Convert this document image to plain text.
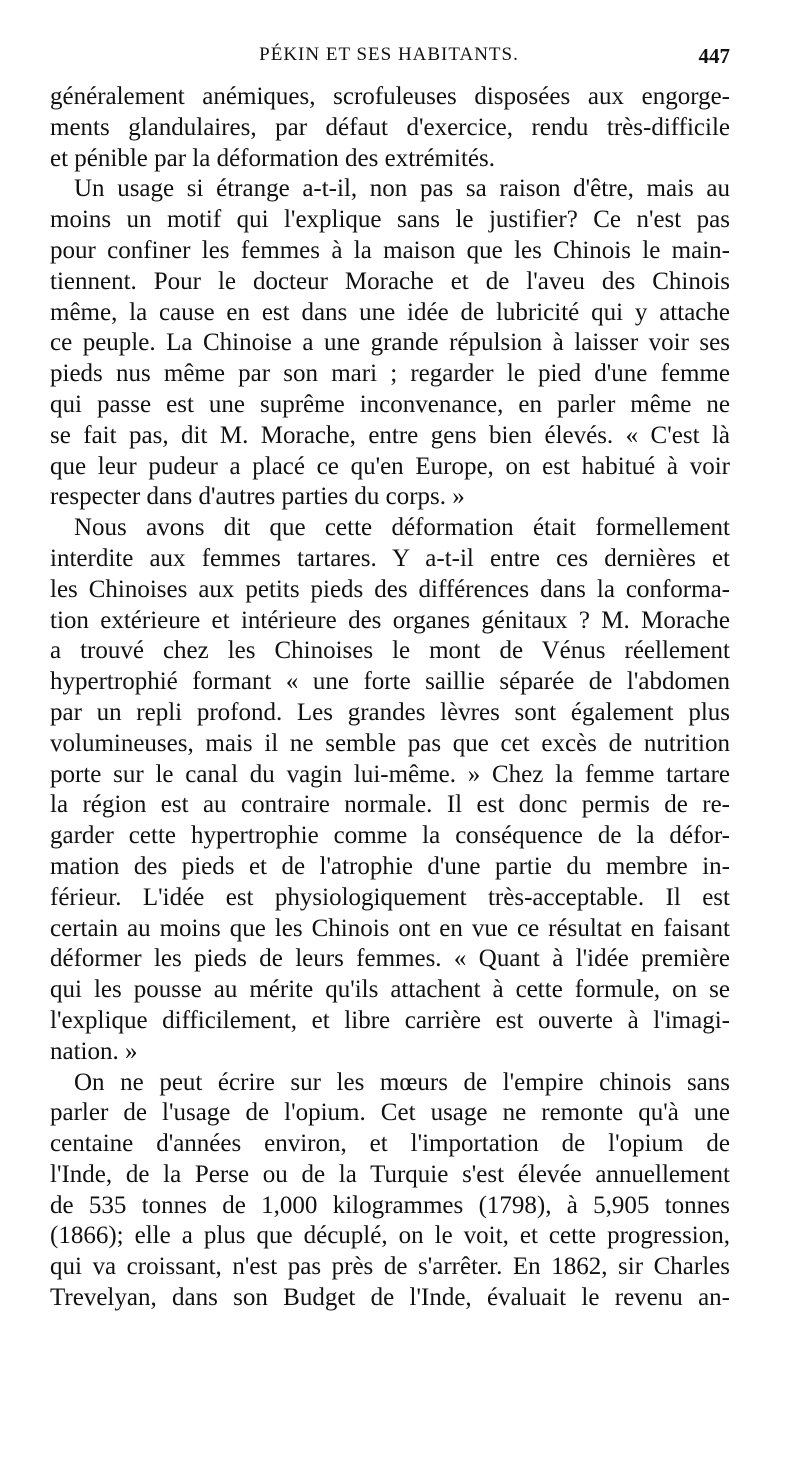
PÉKIN ET SES HABITANTS.	447
généralement anémiques, scrofuleuses disposées aux engorge-
ments glandulaires, par défaut d'exercice, rendu très-difficile
et pénible par la déformation des extrémités.
Un usage si étrange a-t-il, non pas sa raison d'être, mais au
moins un motif qui l'explique sans le justifier? Ce n'est pas
pour confiner les femmes à la maison que les Chinois le main-
tiennent. Pour le docteur Morache et de l'aveu des Chinois
même, la cause en est dans une idée de lubricité qui y attache
ce peuple. La Chinoise a une grande répulsion à laisser voir ses
pieds nus même par son mari ; regarder le pied d'une femme
qui passe est une suprême inconvenance, en parler même ne
se fait pas, dit M. Morache, entre gens bien élevés. « C'est là
que leur pudeur a placé ce qu'en Europe, on est habitué à voir
respecter dans d'autres parties du corps. »
Nous avons dit que cette déformation était formellement
interdite aux femmes tartares. Y a-t-il entre ces dernières et
les Chinoises aux petits pieds des différences dans la conforma-
tion extérieure et intérieure des organes génitaux ? M. Morache
a trouvé chez les Chinoises le mont de Vénus réellement
hypertrophié formant « une forte saillie séparée de l'abdomen
par un repli profond. Les grandes lèvres sont également plus
volumineuses, mais il ne semble pas que cet excès de nutrition
porte sur le canal du vagin lui-même. » Chez la femme tartare
la région est au contraire normale. Il est donc permis de re-
garder cette hypertrophie comme la conséquence de la défor-
mation des pieds et de l'atrophie d'une partie du membre in-
férieur. L'idée est physiologiquement très-acceptable. Il est
certain au moins que les Chinois ont en vue ce résultat en faisant
déformer les pieds de leurs femmes. « Quant à l'idée première
qui les pousse au mérite qu'ils attachent à cette formule, on se
l'explique difficilement, et libre carrière est ouverte à l'imagi-
nation. »
On ne peut écrire sur les mœurs de l'empire chinois sans
parler de l'usage de l'opium. Cet usage ne remonte qu'à une
centaine d'années environ, et l'importation de l'opium de
l'Inde, de la Perse ou de la Turquie s'est élevée annuellement
de 535 tonnes de 1,000 kilogrammes (1798), à 5,905 tonnes
(1866); elle a plus que décuplé, on le voit, et cette progression,
qui va croissant, n'est pas près de s'arrêter. En 1862, sir Charles
Trevelyan, dans son Budget de l'Inde, évaluait le revenu an-
